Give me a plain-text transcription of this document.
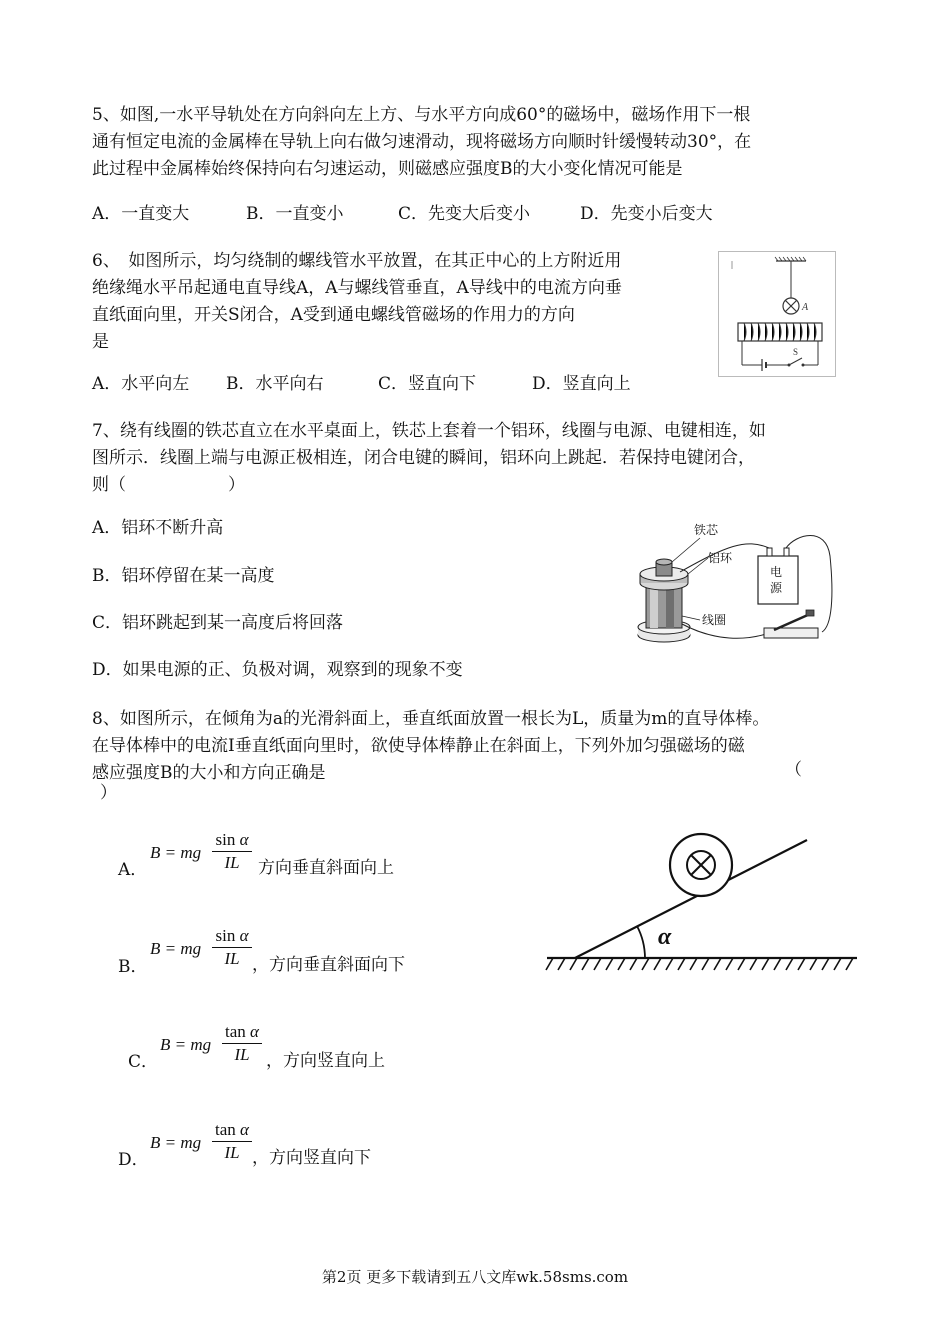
5、如图,一水平导轨处在方向斜向左上方、与水平方向成60°的磁场中，磁场作用下一根
通有恒定电流的金属棒在导轨上向右做匀速滑动，现将磁场方向顺时针缓慢转动30°，在
此过程中金属棒始终保持向右匀速运动，则磁感应强度B的大小变化情况可能是
A．一直变大	B．一直变小	C．先变大后变小	D．先变小后变大
6、　如图所示，均匀绕制的螺线管水平放置，在其正中心的上方附近用
绝缘绳水平吊起通电直导线A，A与螺线管垂直，A导线中的电流方向垂
直纸面向里，开关S闭合，A受到通电螺线管磁场的作用力的方向
是
A
S
A．水平向左 B．水平向右	C．竖直向下	D．竖直向上
7、绕有线圈的铁芯直立在水平桌面上，铁芯上套着一个铝环，线圈与电源、电键相连，如
图所示．线圈上端与电源正极相连，闭合电键的瞬间，铝环向上跳起．若保持电键闭合，
则（　　　　　　）
A．铝环不断升高
B．铝环停留在某一高度
C．铝环跳起到某一高度后将回落
D．如果电源的正、负极对调，观察到的现象不变
铁芯
铝环
线圈
电
源
8、如图所示，在倾角为a的光滑斜面上，垂直纸面放置一根长为L，质量为m的直导体棒。
在导体棒中的电流I垂直纸面向里时，欲使导体棒静止在斜面上，下列外加匀强磁场的磁
感应强度B的大小和方向正确是	（
）
A．
B = mg
sin α
IL	方向垂直斜面向上
B．
B = mg
sin α
IL ，方向垂直斜面向下
C．
B = mg
tan α
IL ，方向竖直向上
D．
B = mg
tan α
IL ，方向竖直向下
α
第2页 更多下载请到五八文库wk.58sms.com
